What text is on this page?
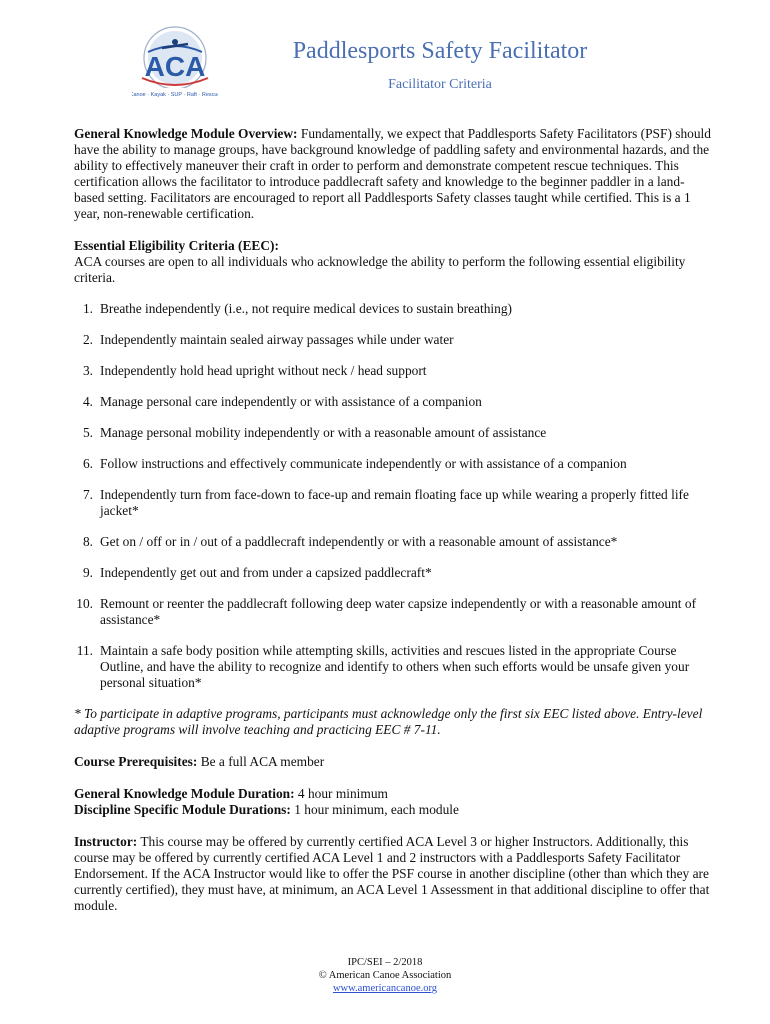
ACA
Canoe · Kayak · SUP · Raft · Rescue
Paddlesports Safety Facilitator
Facilitator Criteria

General Knowledge Module Overview: Fundamentally, we expect that Paddlesports Safety Facilitators (PSF) should have the ability to manage groups, have background knowledge of paddling safety and environmental hazards, and the ability to effectively maneuver their craft in order to perform and demonstrate competent rescue techniques. This certification allows the facilitator to introduce paddlecraft safety and knowledge to the beginner paddler in a land-based setting. Facilitators are encouraged to report all Paddlesports Safety classes taught while certified. This is a 1 year, non-renewable certification.

Essential Eligibility Criteria (EEC):

ACA courses are open to all individuals who acknowledge the ability to perform the following essential eligibility criteria.

1. Breathe independently (i.e., not require medical devices to sustain breathing)
2. Independently maintain sealed airway passages while under water
3. Independently hold head upright without neck / head support
4. Manage personal care independently or with assistance of a companion
5. Manage personal mobility independently or with a reasonable amount of assistance
6. Follow instructions and effectively communicate independently or with assistance of a companion
7. Independently turn from face-down to face-up and remain floating face up while wearing a properly fitted life jacket*
8. Get on / off or in / out of a paddlecraft independently or with a reasonable amount of assistance*
9. Independently get out and from under a capsized paddlecraft*
10. Remount or reenter the paddlecraft following deep water capsize independently or with a reasonable amount of assistance*
11. Maintain a safe body position while attempting skills, activities and rescues listed in the appropriate Course Outline, and have the ability to recognize and identify to others when such efforts would be unsafe given your personal situation*

* To participate in adaptive programs, participants must acknowledge only the first six EEC listed above. Entry-level adaptive programs will involve teaching and practicing EEC # 7-11.

Course Prerequisites: Be a full ACA member

General Knowledge Module Duration: 4 hour minimum

Discipline Specific Module Durations: 1 hour minimum, each module

Instructor: This course may be offered by currently certified ACA Level 3 or higher Instructors. Additionally, this course may be offered by currently certified ACA Level 1 and 2 instructors with a Paddlesports Safety Facilitator Endorsement. If the ACA Instructor would like to offer the PSF course in another discipline (other than which they are currently certified), they must have, at minimum, an ACA Level 1 Assessment in that additional discipline to offer that module.

IPC/SEI – 2/2018
© American Canoe Association
www.americancanoe.org
